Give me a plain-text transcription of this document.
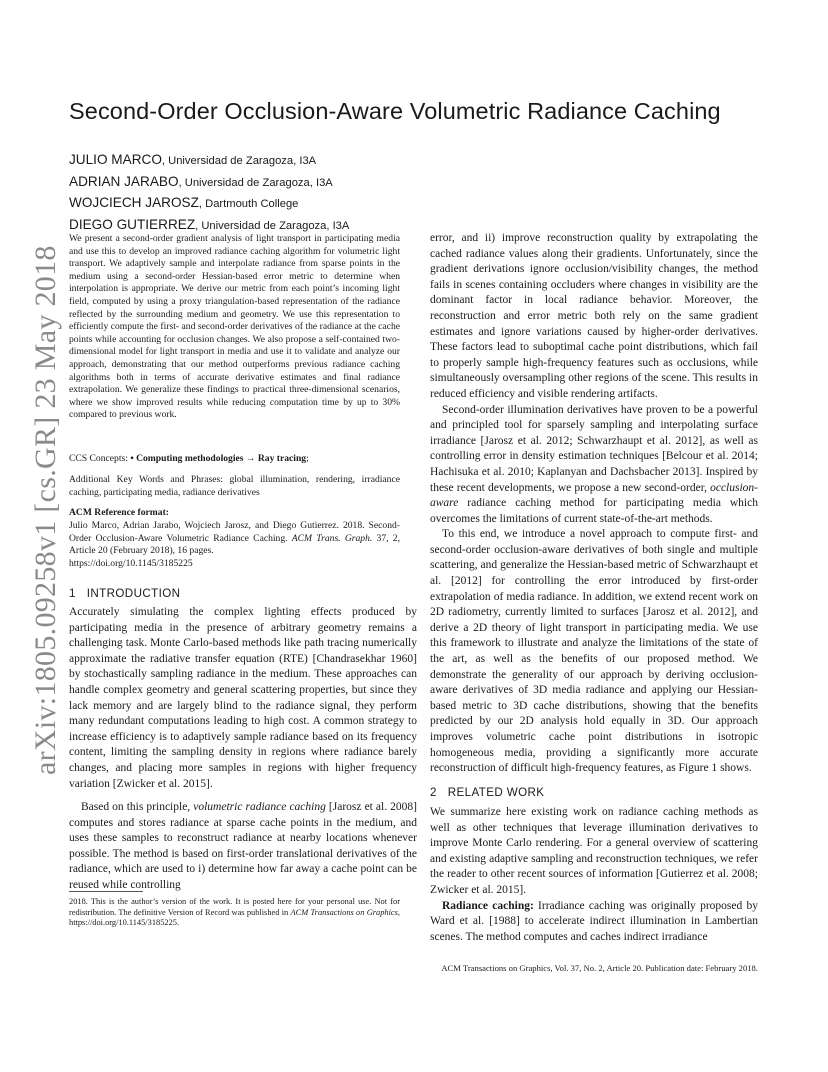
arXiv:1805.09258v1 [cs.GR] 23 May 2018
Second-Order Occlusion-Aware Volumetric Radiance Caching
JULIO MARCO, Universidad de Zaragoza, I3A
ADRIAN JARABO, Universidad de Zaragoza, I3A
WOJCIECH JAROSZ, Dartmouth College
DIEGO GUTIERREZ, Universidad de Zaragoza, I3A
We present a second-order gradient analysis of light transport in participating media and use this to develop an improved radiance caching algorithm for volumetric light transport. We adaptively sample and interpolate radiance from sparse points in the medium using a second-order Hessian-based error metric to determine when interpolation is appropriate. We derive our metric from each point’s incoming light field, computed by using a proxy triangulation-based representation of the radiance reflected by the surrounding medium and geometry. We use this representation to efficiently compute the first- and second-order derivatives of the radiance at the cache points while accounting for occlusion changes. We also propose a self-contained two-dimensional model for light transport in media and use it to validate and analyze our approach, demonstrating that our method outperforms previous radiance caching algorithms both in terms of accurate derivative estimates and final radiance extrapolation. We generalize these findings to practical three-dimensional scenarios, where we show improved results while reducing computation time by up to 30% compared to previous work.
CCS Concepts: • Computing methodologies → Ray tracing;
Additional Key Words and Phrases: global illumination, rendering, irradiance caching, participating media, radiance derivatives
ACM Reference format:
Julio Marco, Adrian Jarabo, Wojciech Jarosz, and Diego Gutierrez. 2018. Second-Order Occlusion-Aware Volumetric Radiance Caching. ACM Trans. Graph. 37, 2, Article 20 (February 2018), 16 pages.
https://doi.org/10.1145/3185225
1 INTRODUCTION
Accurately simulating the complex lighting effects produced by participating media in the presence of arbitrary geometry remains a challenging task. Monte Carlo-based methods like path tracing numerically approximate the radiative transfer equation (RTE) [Chandrasekhar 1960] by stochastically sampling radiance in the medium. These approaches can handle complex geometry and general scattering properties, but since they lack memory and are largely blind to the radiance signal, they perform many redundant computations leading to high cost. A common strategy to increase efficiency is to adaptively sample radiance based on its frequency content, limiting the sampling density in regions where radiance barely changes, and placing more samples in regions with higher frequency variation [Zwicker et al. 2015].

Based on this principle, volumetric radiance caching [Jarosz et al. 2008] computes and stores radiance at sparse cache points in the medium, and uses these samples to reconstruct radiance at nearby locations whenever possible. The method is based on first-order translational derivatives of the radiance, which are used to i) determine how far away a cache point can be reused while controlling

2018. This is the author’s version of the work. It is posted here for your personal use. Not for redistribution. The definitive Version of Record was published in ACM Transactions on Graphics, https://doi.org/10.1145/3185225.

error, and ii) improve reconstruction quality by extrapolating the cached radiance values along their gradients. Unfortunately, since the gradient derivations ignore occlusion/visibility changes, the method fails in scenes containing occluders where changes in visibility are the dominant factor in local radiance behavior. Moreover, the reconstruction and error metric both rely on the same gradient estimates and ignore variations caused by higher-order derivatives. These factors lead to suboptimal cache point distributions, which fail to properly sample high-frequency features such as occlusions, while simultaneously oversampling other regions of the scene. This results in reduced efficiency and visible rendering artifacts.

Second-order illumination derivatives have proven to be a powerful and principled tool for sparsely sampling and interpolating surface irradiance [Jarosz et al. 2012; Schwarzhaupt et al. 2012], as well as controlling error in density estimation techniques [Belcour et al. 2014; Hachisuka et al. 2010; Kaplanyan and Dachsbacher 2013]. Inspired by these recent developments, we propose a new second-order, occlusion-aware radiance caching method for participating media which overcomes the limitations of current state-of-the-art methods.

To this end, we introduce a novel approach to compute first- and second-order occlusion-aware derivatives of both single and multiple scattering, and generalize the Hessian-based metric of Schwarzhaupt et al. [2012] for controlling the error introduced by first-order extrapolation of media radiance. In addition, we extend recent work on 2D radiometry, currently limited to surfaces [Jarosz et al. 2012], and derive a 2D theory of light transport in participating media. We use this framework to illustrate and analyze the limitations of the state of the art, as well as the benefits of our proposed method. We demonstrate the generality of our approach by deriving occlusion-aware derivatives of 3D media radiance and applying our Hessian-based metric to 3D cache distributions, showing that the benefits predicted by our 2D analysis hold equally in 3D. Our approach improves volumetric cache point distributions in isotropic homogeneous media, providing a significantly more accurate reconstruction of difficult high-frequency features, as Figure 1 shows.

2 RELATED WORK

We summarize here existing work on radiance caching methods as well as other techniques that leverage illumination derivatives to improve Monte Carlo rendering. For a general overview of scattering and existing adaptive sampling and reconstruction techniques, we refer the reader to other recent sources of information [Gutierrez et al. 2008; Zwicker et al. 2015].

Radiance caching: Irradiance caching was originally proposed by Ward et al. [1988] to accelerate indirect illumination in Lambertian scenes. The method computes and caches indirect irradiance

ACM Transactions on Graphics, Vol. 37, No. 2, Article 20. Publication date: February 2018.
